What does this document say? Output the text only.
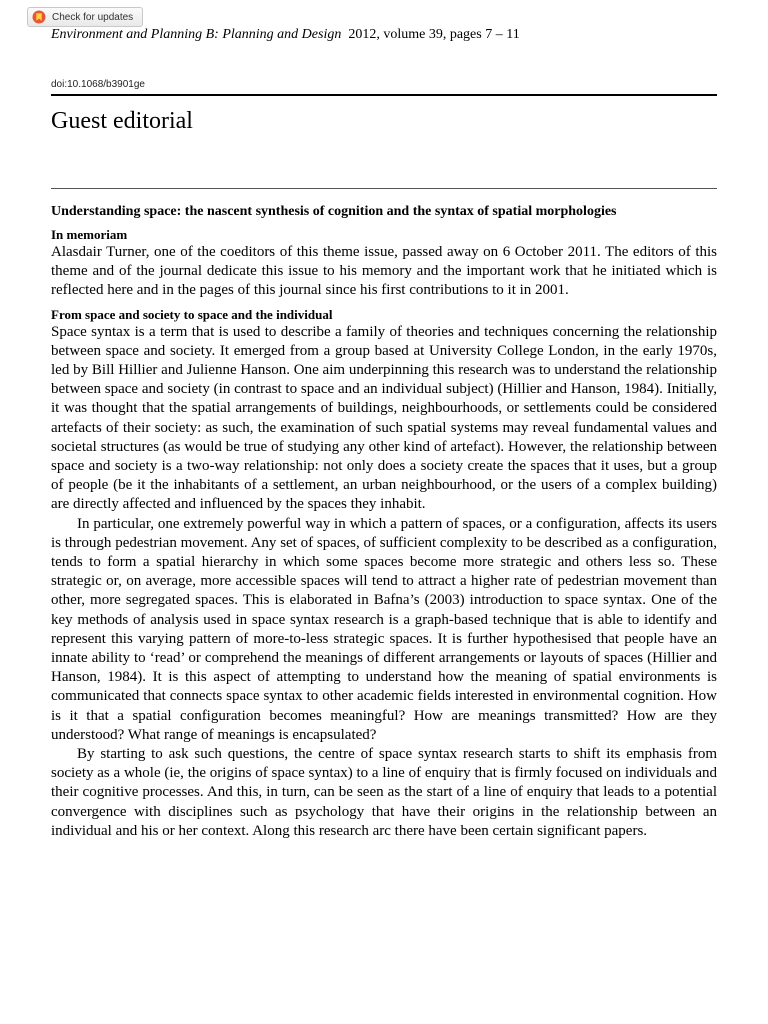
Check for updates
Environment and Planning B: Planning and Design 2012, volume 39, pages 7 – 11
doi:10.1068/b3901ge
Guest editorial

Understanding space: the nascent synthesis of cognition and the syntax of spatial morphologies

In memoriam

Alasdair Turner, one of the coeditors of this theme issue, passed away on 6 October 2011. The editors of this theme and of the journal dedicate this issue to his memory and the important work that he initiated which is reflected here and in the pages of this journal since his first contributions to it in 2001.

From space and society to space and the individual

Space syntax is a term that is used to describe a family of theories and techniques concerning the relationship between space and society. It emerged from a group based at University College London, in the early 1970s, led by Bill Hillier and Julienne Hanson. One aim underpinning this research was to understand the relationship between space and society (in contrast to space and an individual subject) (Hillier and Hanson, 1984). Initially, it was thought that the spatial arrangements of buildings, neighbourhoods, or settlements could be considered artefacts of their society: as such, the examination of such spatial systems may reveal fundamental values and societal structures (as would be true of studying any other kind of artefact). However, the relationship between space and society is a two-way relationship: not only does a society create the spaces that it uses, but a group of people (be it the inhabitants of a settlement, an urban neighbourhood, or the users of a complex building) are directly affected and influenced by the spaces they inhabit.

In particular, one extremely powerful way in which a pattern of spaces, or a configuration, affects its users is through pedestrian movement. Any set of spaces, of sufficient complexity to be described as a configuration, tends to form a spatial hierarchy in which some spaces become more strategic and others less so. These strategic or, on average, more accessible spaces will tend to attract a higher rate of pedestrian movement than other, more segregated spaces. This is elaborated in Bafna’s (2003) introduction to space syntax. One of the key methods of analysis used in space syntax research is a graph-based technique that is able to identify and represent this varying pattern of more-to-less strategic spaces. It is further hypothesised that people have an innate ability to ‘read’ or comprehend the meanings of different arrangements or layouts of spaces (Hillier and Hanson, 1984). It is this aspect of attempting to understand how the meaning of spatial environments is communicated that connects space syntax to other academic fields interested in environmental cognition. How is it that a spatial configuration becomes meaningful? How are meanings transmitted? How are they understood? What range of meanings is encapsulated?

By starting to ask such questions, the centre of space syntax research starts to shift its emphasis from society as a whole (ie, the origins of space syntax) to a line of enquiry that is firmly focused on individuals and their cognitive processes. And this, in turn, can be seen as the start of a line of enquiry that leads to a potential convergence with disciplines such as psychology that have their origins in the relationship between an individual and his or her context. Along this research arc there have been certain significant papers.
